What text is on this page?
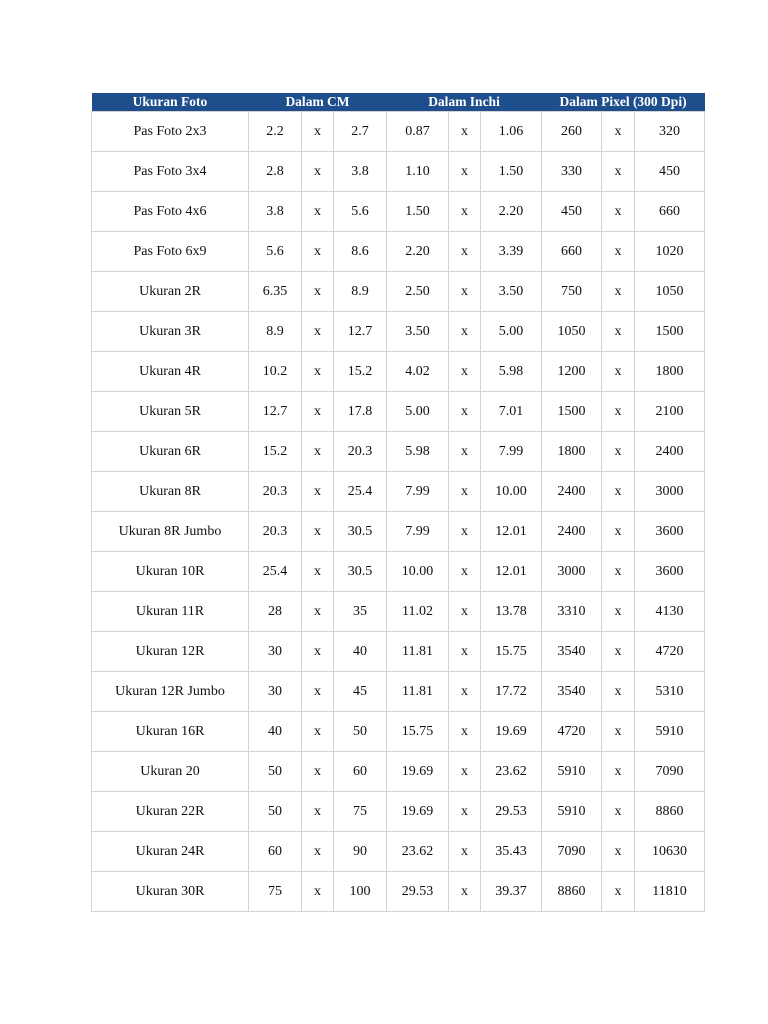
Ukuran Foto	Dalam CM			Dalam Inchi			Dalam Pixel (300 Dpi)		
Pas Foto 2x3	2.2	x	2.7	0.87	x	1.06	260	x	320
Pas Foto 3x4	2.8	x	3.8	1.10	x	1.50	330	x	450
Pas Foto 4x6	3.8	x	5.6	1.50	x	2.20	450	x	660
Pas Foto 6x9	5.6	x	8.6	2.20	x	3.39	660	x	1020
Ukuran 2R	6.35	x	8.9	2.50	x	3.50	750	x	1050
Ukuran 3R	8.9	x	12.7	3.50	x	5.00	1050	x	1500
Ukuran 4R	10.2	x	15.2	4.02	x	5.98	1200	x	1800
Ukuran 5R	12.7	x	17.8	5.00	x	7.01	1500	x	2100
Ukuran 6R	15.2	x	20.3	5.98	x	7.99	1800	x	2400
Ukuran 8R	20.3	x	25.4	7.99	x	10.00	2400	x	3000
Ukuran 8R Jumbo	20.3	x	30.5	7.99	x	12.01	2400	x	3600
Ukuran 10R	25.4	x	30.5	10.00	x	12.01	3000	x	3600
Ukuran 11R	28	x	35	11.02	x	13.78	3310	x	4130
Ukuran 12R	30	x	40	11.81	x	15.75	3540	x	4720
Ukuran 12R Jumbo	30	x	45	11.81	x	17.72	3540	x	5310
Ukuran 16R	40	x	50	15.75	x	19.69	4720	x	5910
Ukuran 20	50	x	60	19.69	x	23.62	5910	x	7090
Ukuran 22R	50	x	75	19.69	x	29.53	5910	x	8860
Ukuran 24R	60	x	90	23.62	x	35.43	7090	x	10630
Ukuran 30R	75	x	100	29.53	x	39.37	8860	x	11810
